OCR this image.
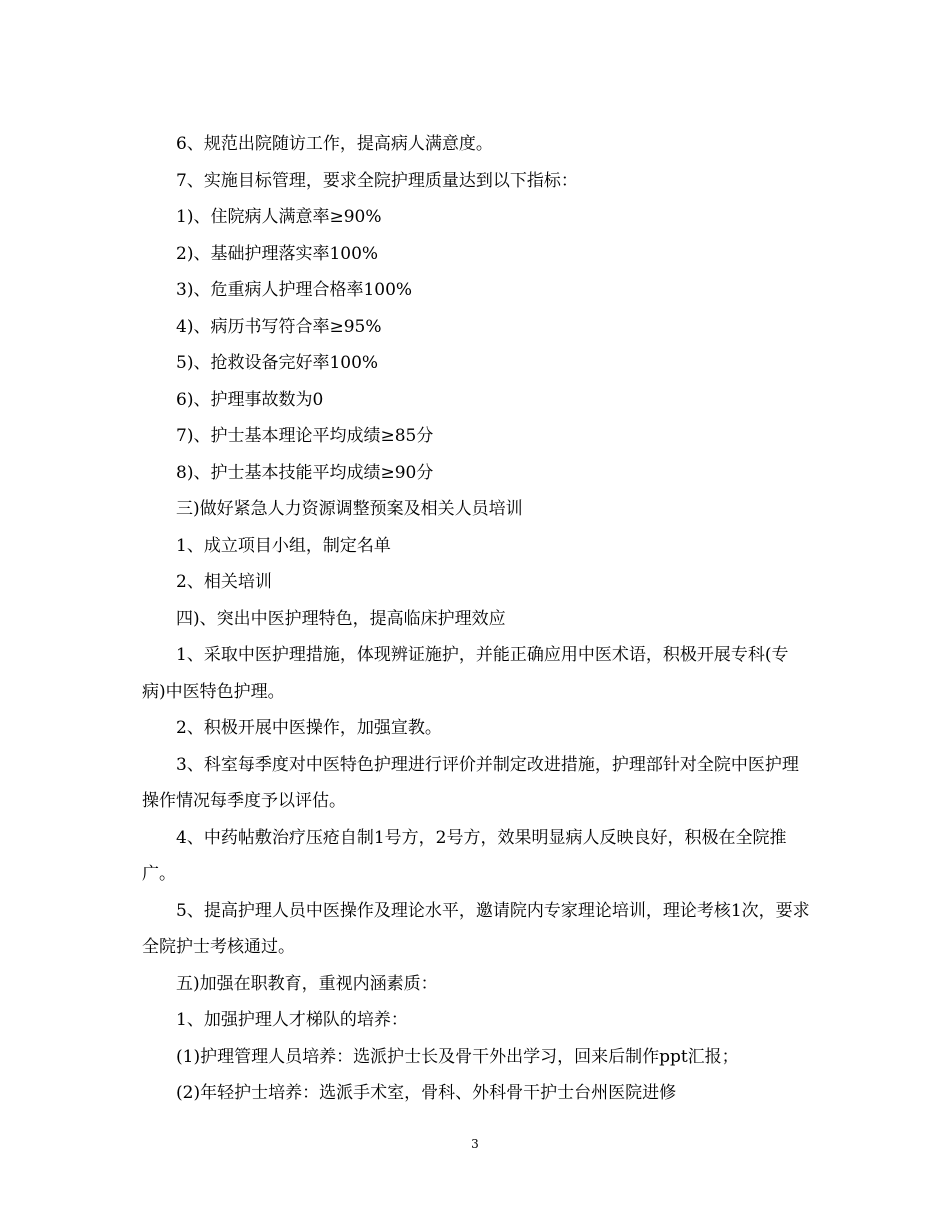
6、规范出院随访工作，提高病人满意度。

7、实施目标管理，要求全院护理质量达到以下指标：

1)、住院病人满意率≥90%

2)、基础护理落实率100%

3)、危重病人护理合格率100%

4)、病历书写符合率≥95%

5)、抢救设备完好率100%

6)、护理事故数为0

7)、护士基本理论平均成绩≥85分

8)、护士基本技能平均成绩≥90分

三)做好紧急人力资源调整预案及相关人员培训

1、成立项目小组，制定名单

2、相关培训

四)、突出中医护理特色，提高临床护理效应

1、采取中医护理措施，体现辨证施护，并能正确应用中医术语，积极开展专科(专病)中医特色护理。

2、积极开展中医操作，加强宣教。

3、科室每季度对中医特色护理进行评价并制定改进措施，护理部针对全院中医护理操作情况每季度予以评估。

4、中药帖敷治疗压疮自制1号方，2号方，效果明显病人反映良好，积极在全院推广。

5、提高护理人员中医操作及理论水平，邀请院内专家理论培训，理论考核1次，要求全院护士考核通过。

五)加强在职教育，重视内涵素质：

1、加强护理人才梯队的培养：

(1)护理管理人员培养：选派护士长及骨干外出学习，回来后制作ppt汇报；

(2)年轻护士培养：选派手术室，骨科、外科骨干护士台州医院进修

3
